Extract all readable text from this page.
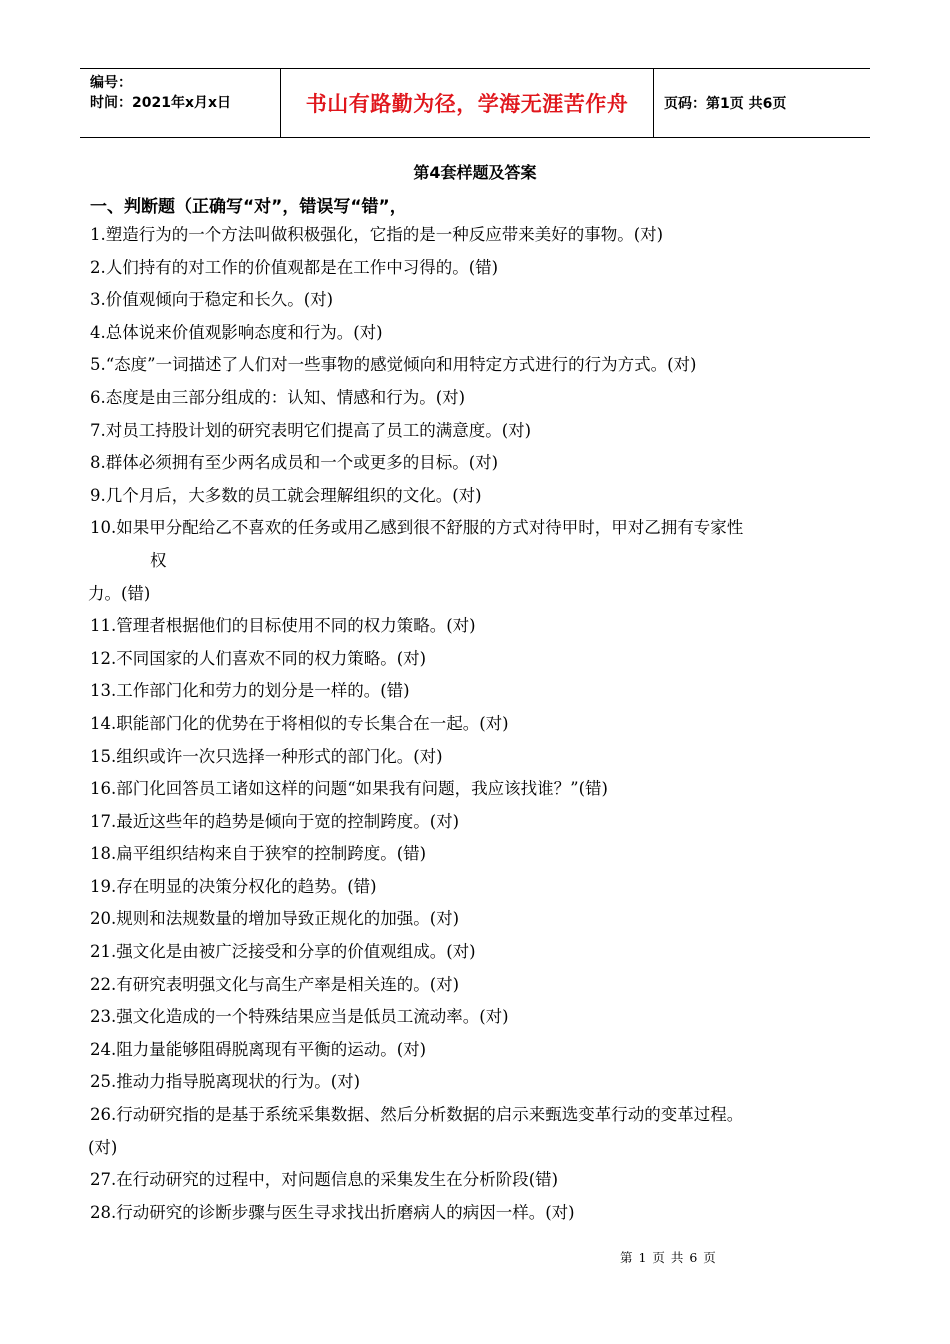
编号：
时间：2021年x月x日	书山有路勤为径，学海无涯苦作舟	页码：第1页 共6页
第4套样题及答案
一、判断题（正确写“对”，错误写“错”，
1.塑造行为的一个方法叫做积极强化，它指的是一种反应带来美好的事物。(对)
2.人们持有的对工作的价值观都是在工作中习得的。(错)
3.价值观倾向于稳定和长久。(对)
4.总体说来价值观影响态度和行为。(对)
5.“态度”一词描述了人们对一些事物的感觉倾向和用特定方式进行的行为方式。(对)
6.态度是由三部分组成的：认知、情感和行为。(对)
7.对员工持股计划的研究表明它们提高了员工的满意度。(对)
8.群体必须拥有至少两名成员和一个或更多的目标。(对)
9.几个月后，大多数的员工就会理解组织的文化。(对)
10.如果甲分配给乙不喜欢的任务或用乙感到很不舒服的方式对待甲时，甲对乙拥有专家性
权
力。(错)
11.管理者根据他们的目标使用不同的权力策略。(对)
12.不同国家的人们喜欢不同的权力策略。(对)
13.工作部门化和劳力的划分是一样的。(错)
14.职能部门化的优势在于将相似的专长集合在一起。(对)
15.组织或许一次只选择一种形式的部门化。(对)
16.部门化回答员工诸如这样的问题“如果我有问题，我应该找谁？”(错)
17.最近这些年的趋势是倾向于宽的控制跨度。(对)
18.扁平组织结构来自于狭窄的控制跨度。(错)
19.存在明显的决策分权化的趋势。(错)
20.规则和法规数量的增加导致正规化的加强。(对)
21.强文化是由被广泛接受和分享的价值观组成。(对)
22.有研究表明强文化与高生产率是相关连的。(对)
23.强文化造成的一个特殊结果应当是低员工流动率。(对)
24.阻力量能够阻碍脱离现有平衡的运动。(对)
25.推动力指导脱离现状的行为。(对)
26.行动研究指的是基于系统采集数据、然后分析数据的启示来甄选变革行动的变革过程。
(对)
27.在行动研究的过程中，对问题信息的采集发生在分析阶段(错)
28.行动研究的诊断步骤与医生寻求找出折磨病人的病因一样。(对)
第 1 页 共 6 页
